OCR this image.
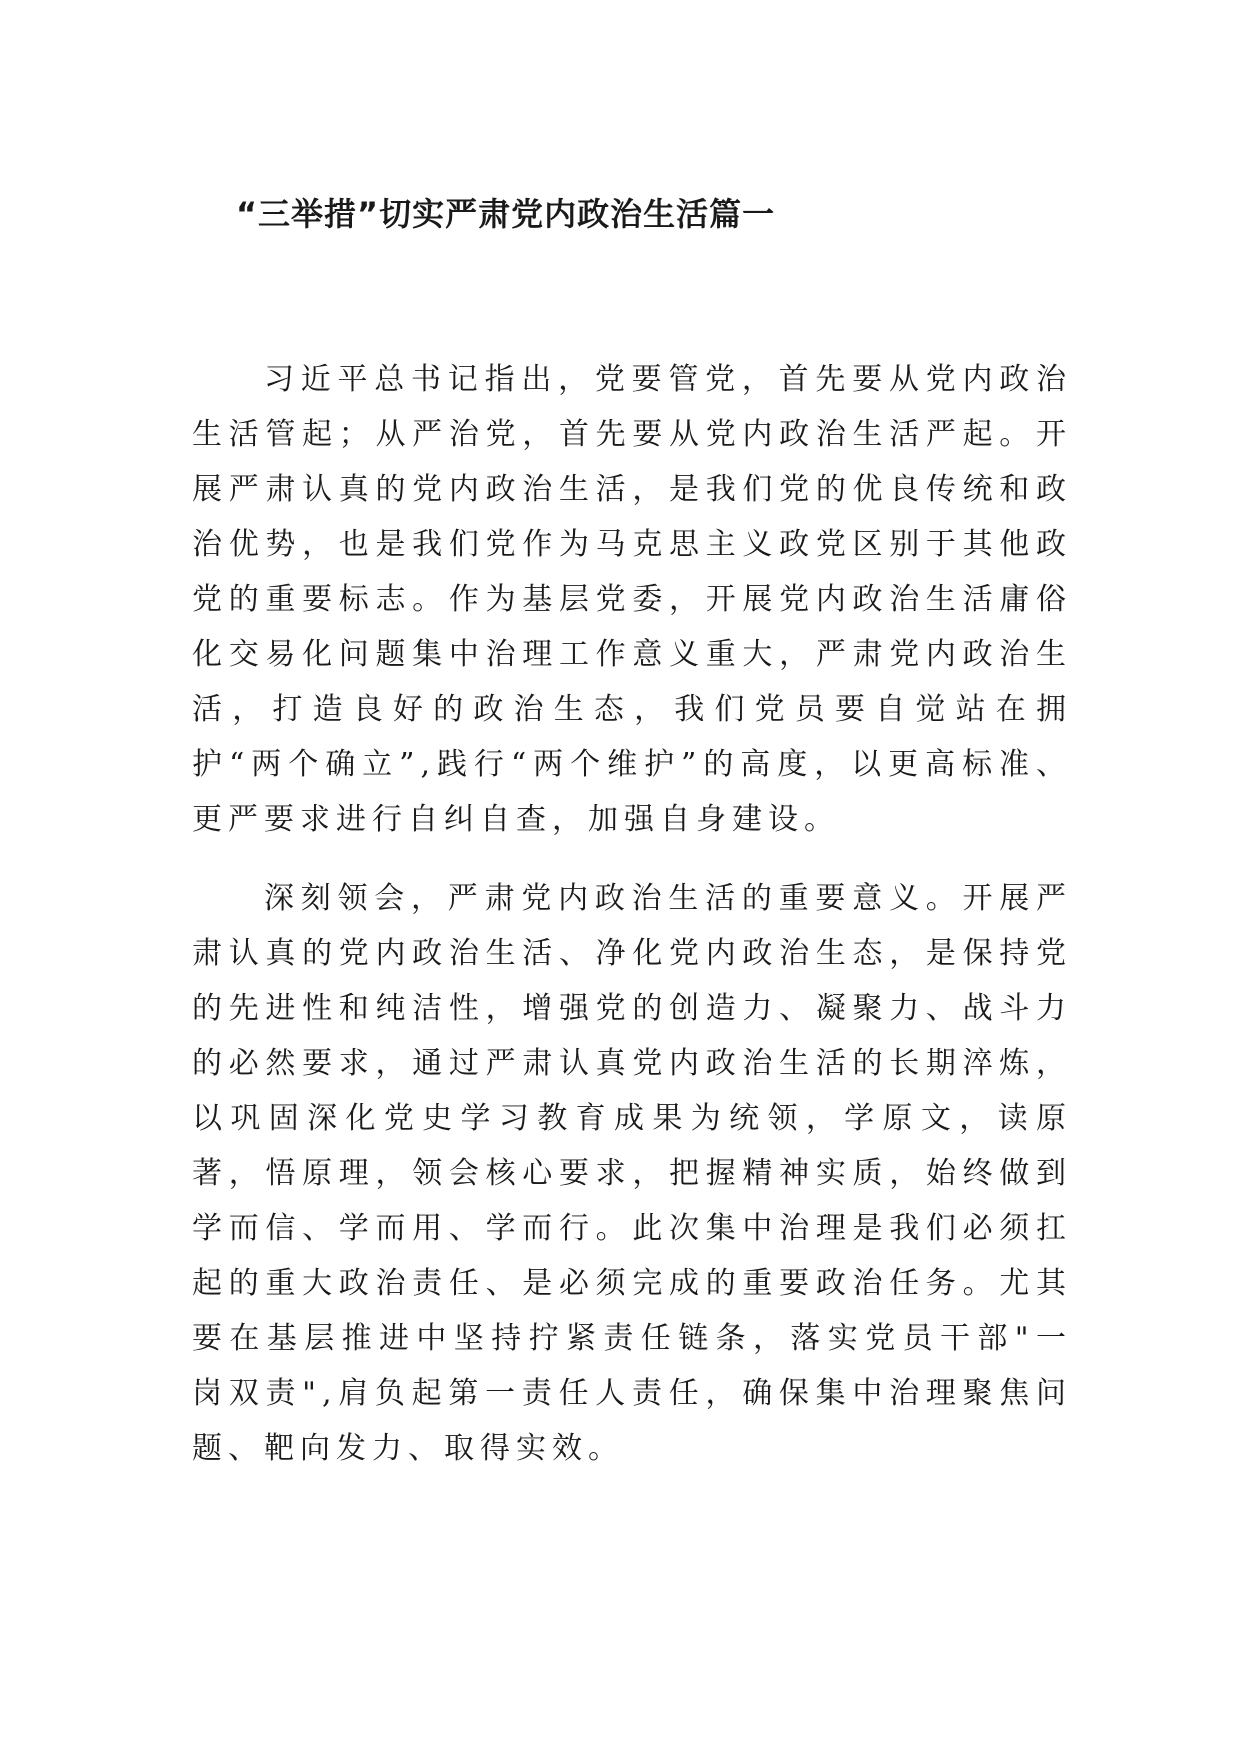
“三举措”切实严肃党内政治生活篇一

习近平总书记指出，党要管党，首先要从党内政治生活管起；从严治党，首先要从党内政治生活严起。开展严肃认真的党内政治生活，是我们党的优良传统和政治优势，也是我们党作为马克思主义政党区别于其他政党的重要标志。作为基层党委，开展党内政治生活庸俗化交易化问题集中治理工作意义重大，严肃党内政治生活，打造良好的政治生态，我们党员要自觉站在拥护“两个确立”,践行“两个维护”的高度，以更高标准、更严要求进行自纠自查，加强自身建设。

深刻领会，严肃党内政治生活的重要意义。开展严肃认真的党内政治生活、净化党内政治生态，是保持党的先进性和纯洁性，增强党的创造力、凝聚力、战斗力的必然要求，通过严肃认真党内政治生活的长期淬炼，以巩固深化党史学习教育成果为统领，学原文，读原著，悟原理，领会核心要求，把握精神实质，始终做到学而信、学而用、学而行。此次集中治理是我们必须扛起的重大政治责任、是必须完成的重要政治任务。尤其要在基层推进中坚持拧紧责任链条，落实党员干部"一 岗双责",肩负起第一责任人责任，确保集中治理聚焦问题、靶向发力、取得实效。
